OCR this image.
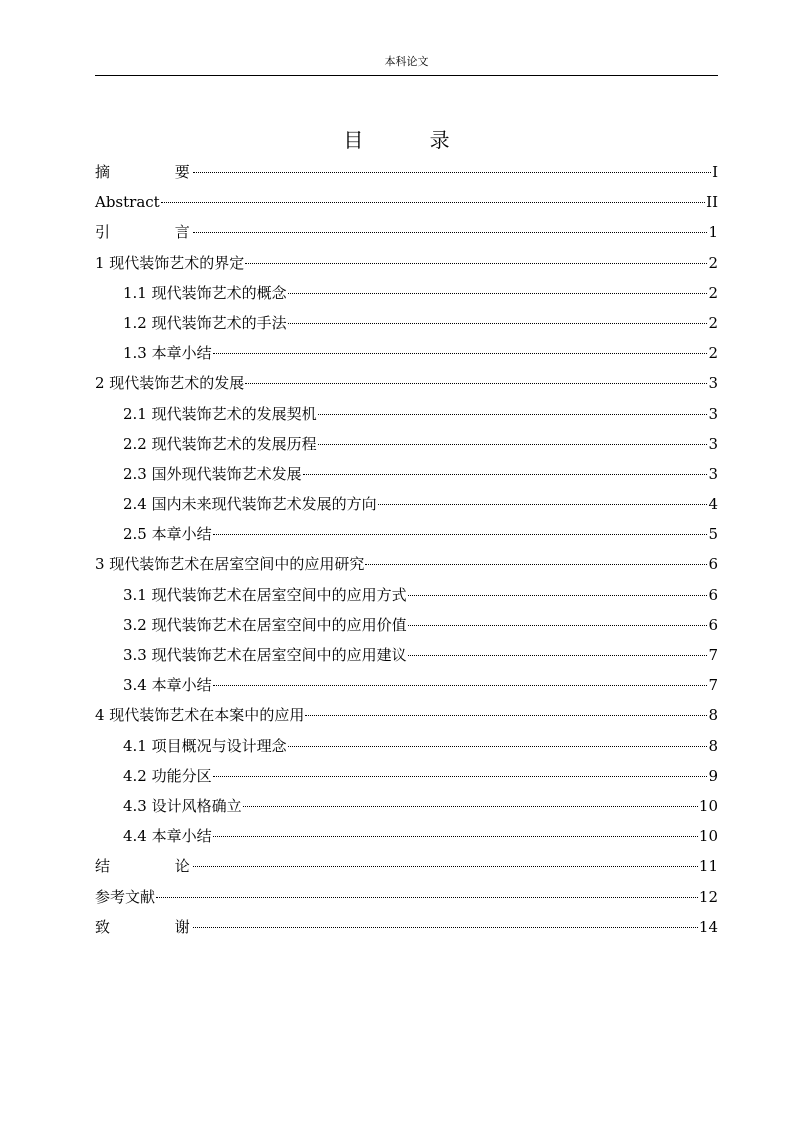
本科论文
目 录
摘 要	I
Abstract	II
引 言	1
1 现代装饰艺术的界定	2
1.1 现代装饰艺术的概念	2
1.2 现代装饰艺术的手法	2
1.3 本章小结	2
2 现代装饰艺术的发展	3
2.1 现代装饰艺术的发展契机	3
2.2 现代装饰艺术的发展历程	3
2.3 国外现代装饰艺术发展	3
2.4 国内未来现代装饰艺术发展的方向	4
2.5 本章小结	5
3 现代装饰艺术在居室空间中的应用研究	6
3.1 现代装饰艺术在居室空间中的应用方式	6
3.2 现代装饰艺术在居室空间中的应用价值	6
3.3 现代装饰艺术在居室空间中的应用建议	7
3.4 本章小结	7
4 现代装饰艺术在本案中的应用	8
4.1 项目概况与设计理念	8
4.2 功能分区	9
4.3 设计风格确立	10
4.4 本章小结	10
结 论	11
参考文献	12
致 谢	14
